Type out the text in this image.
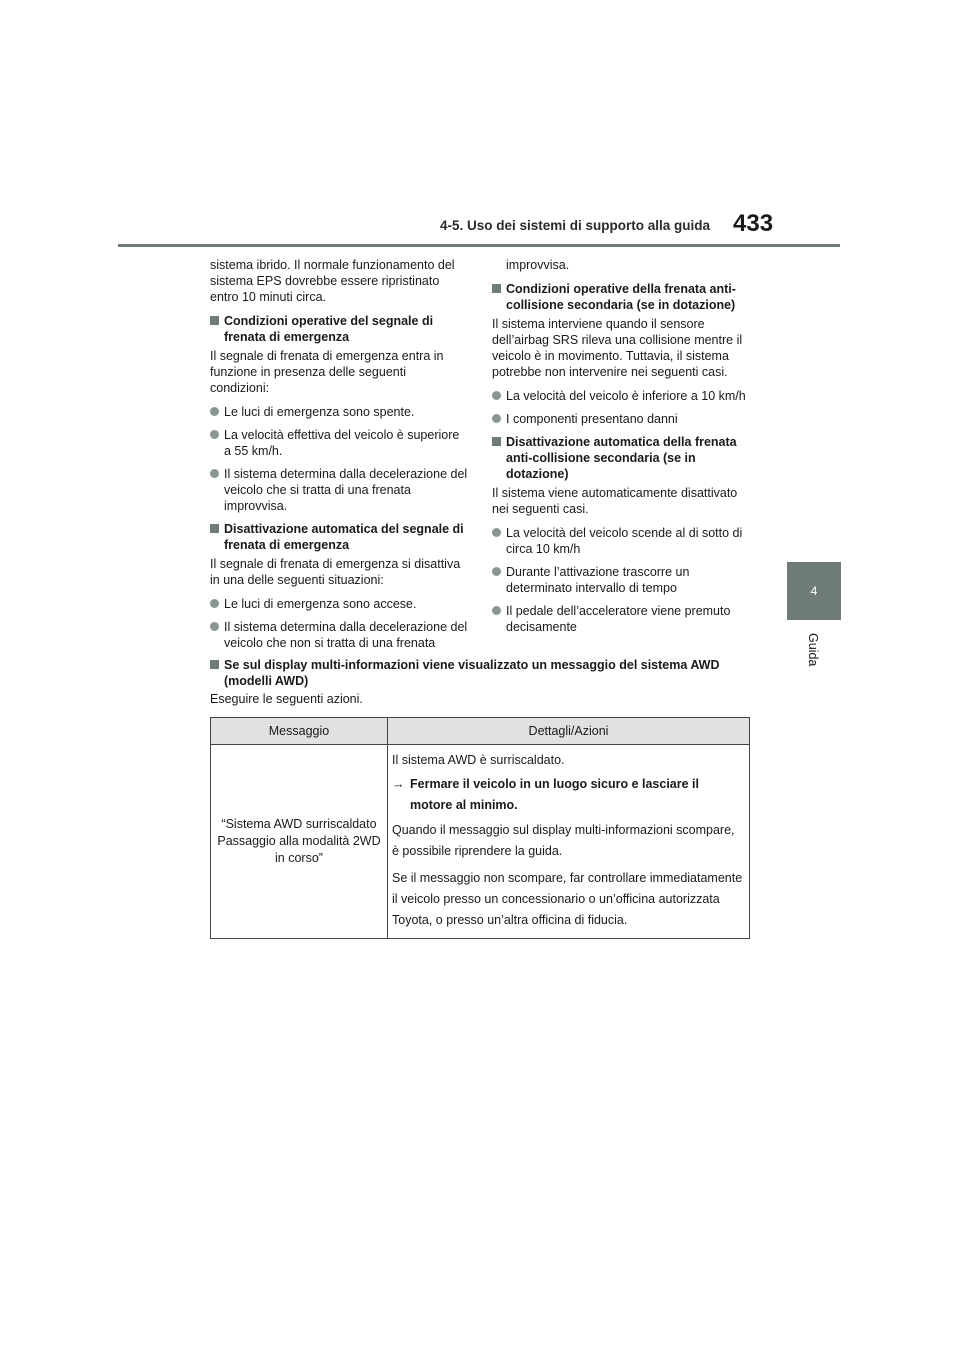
4-5. Uso dei sistemi di supporto alla guida 433
4
Guida

sistema ibrido. Il normale funzionamento del sistema EPS dovrebbe essere ripristinato entro 10 minuti circa.

Condizioni operative del segnale di frenata di emergenza

Il segnale di frenata di emergenza entra in funzione in presenza delle seguenti condizioni:

Le luci di emergenza sono spente.

La velocità effettiva del veicolo è superiore a 55 km/h.

Il sistema determina dalla decelerazione del veicolo che si tratta di una frenata improvvisa.

Disattivazione automatica del segnale di frenata di emergenza

Il segnale di frenata di emergenza si disattiva in una delle seguenti situazioni:

Le luci di emergenza sono accese.

Il sistema determina dalla decelerazione del veicolo che non si tratta di una frenata

improvvisa.

Condizioni operative della frenata anti-collisione secondaria (se in dotazione)

Il sistema interviene quando il sensore dell’airbag SRS rileva una collisione mentre il veicolo è in movimento. Tuttavia, il sistema potrebbe non intervenire nei seguenti casi.

La velocità del veicolo è inferiore a 10 km/h

I componenti presentano danni

Disattivazione automatica della frenata anti-collisione secondaria (se in dotazione)

Il sistema viene automaticamente disattivato nei seguenti casi.

La velocità del veicolo scende al di sotto di circa 10 km/h

Durante l’attivazione trascorre un determinato intervallo di tempo

Il pedale dell’acceleratore viene premuto decisamente

Se sul display multi-informazioni viene visualizzato un messaggio del sistema AWD (modelli AWD)
Eseguire le seguenti azioni.
Messaggio	Dettagli/Azioni
“Sistema AWD surriscaldato Passaggio alla modalità 2WD in corso”	Il sistema AWD è surriscaldato.

→ Fermare il veicolo in un luogo sicuro e lasciare il motore al minimo.

Quando il messaggio sul display multi-informazioni scompare, è possibile riprendere la guida.

Se il messaggio non scompare, far controllare immediatamente il veicolo presso un concessionario o un’officina autorizzata Toyota, o presso un’altra officina di fiducia.
